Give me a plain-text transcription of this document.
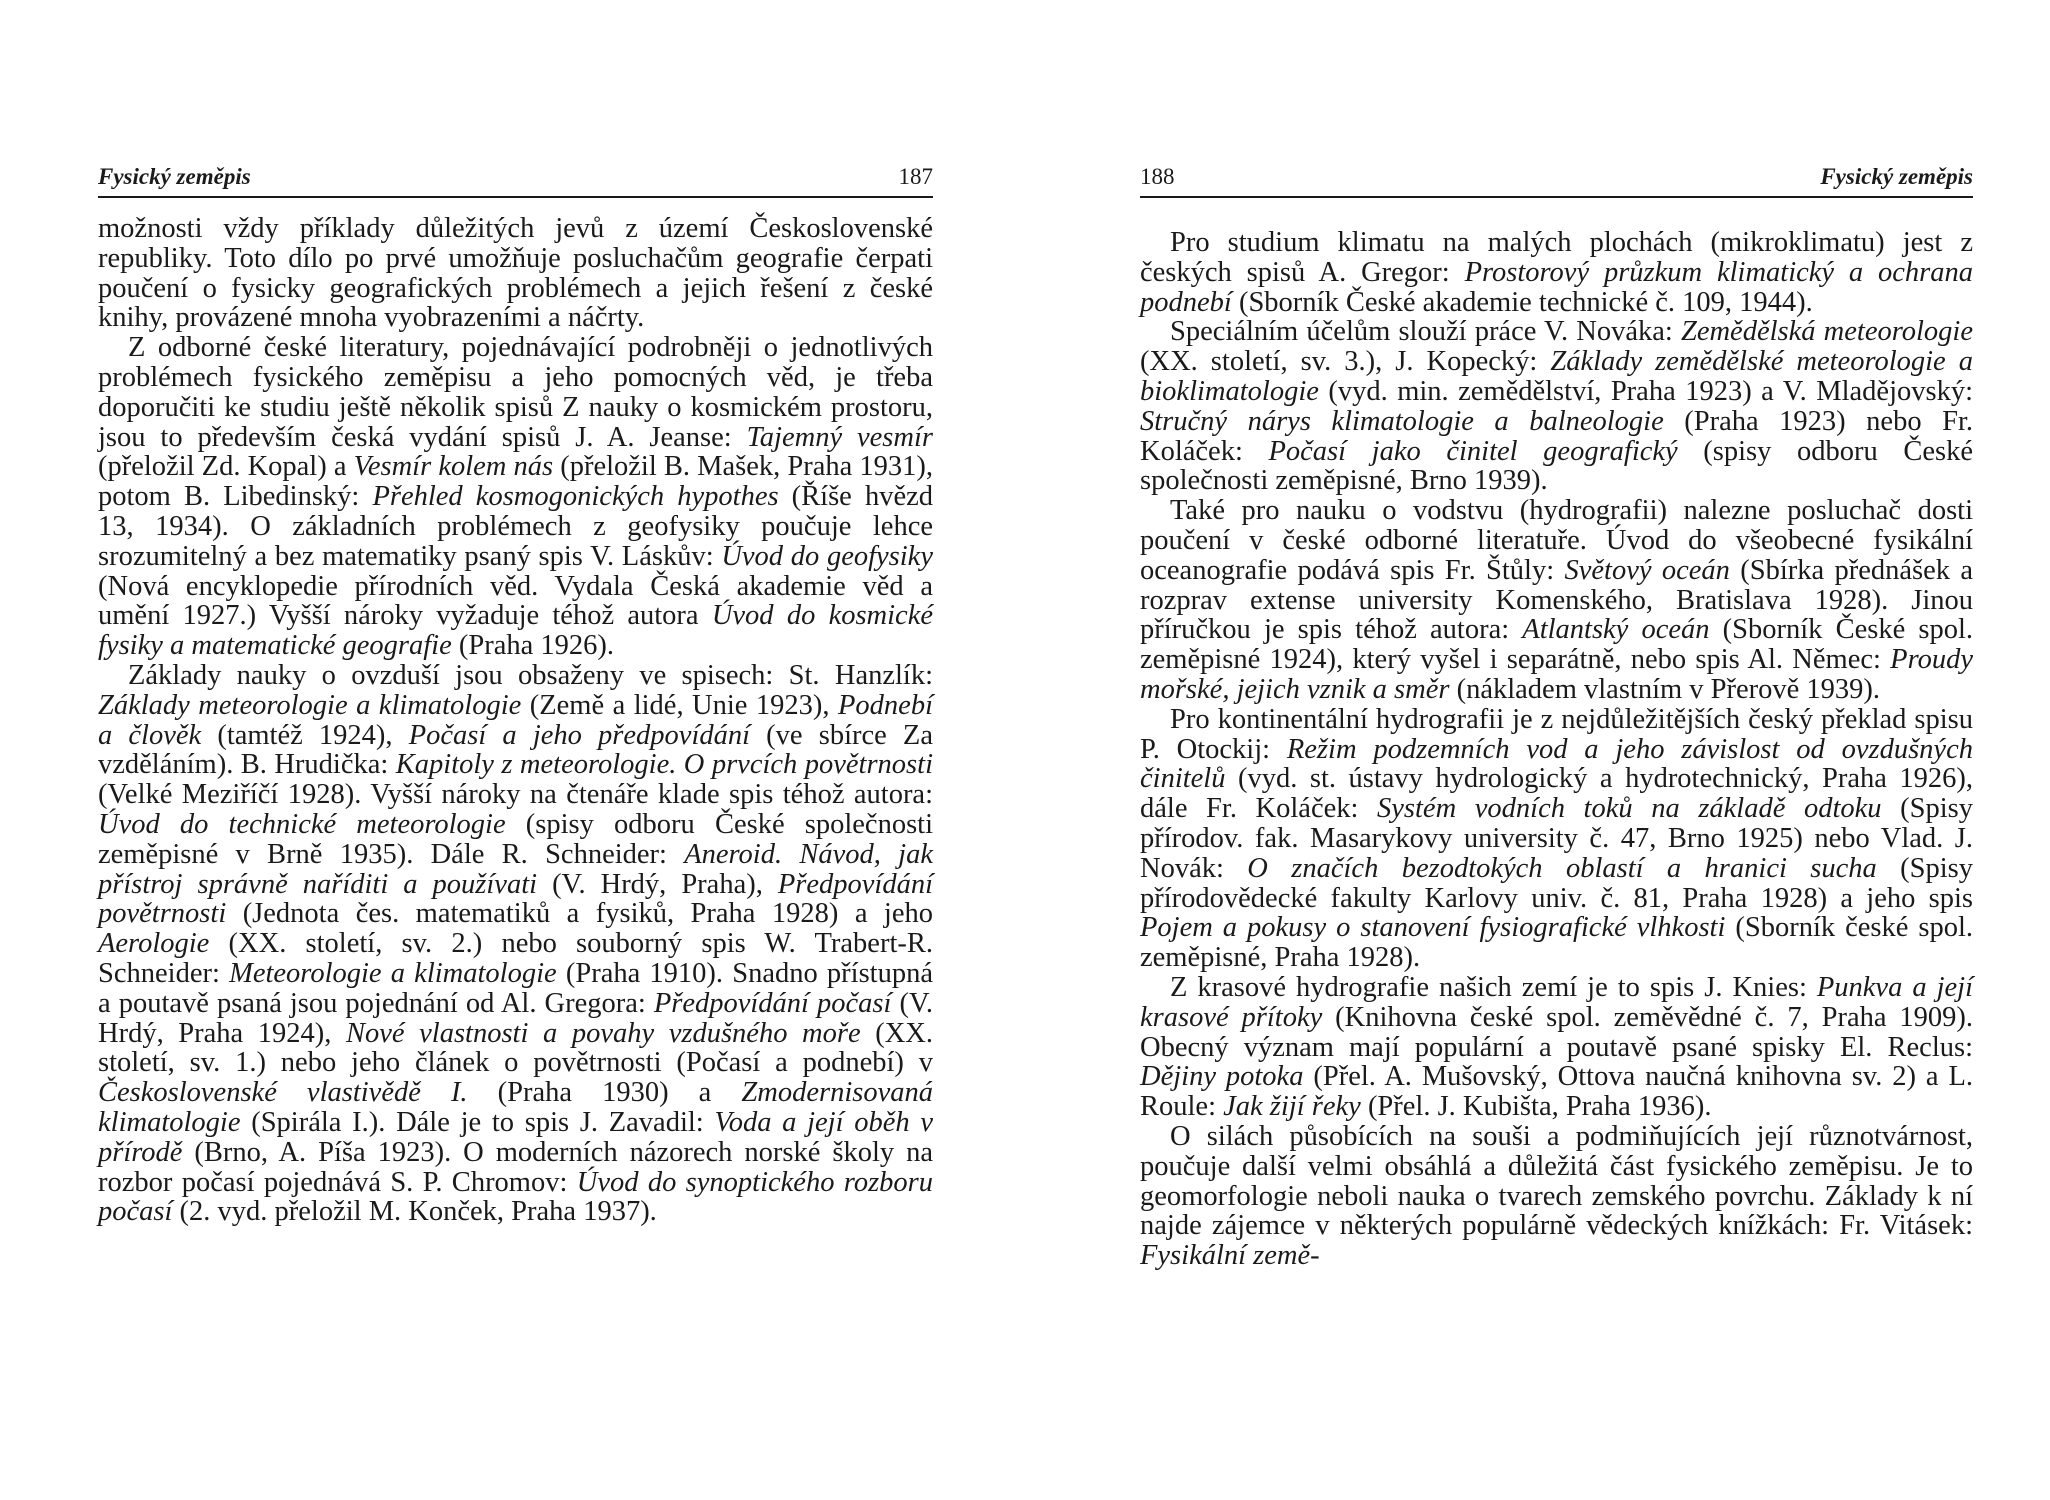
Fysický zeměpis	187

možnosti vždy příklady důležitých jevů z území Československé republiky. Toto dílo po prvé umožňuje posluchačům geografie čerpati poučení o fysicky geografických problémech a jejich řešení z české knihy, provázené mnoha vyobrazeními a náčrty.

Z odborné české literatury, pojednávající podrobněji o jednotlivých problémech fysického zeměpisu a jeho pomocných věd, je třeba doporučiti ke studiu ještě několik spisů Z nauky o kosmickém prostoru, jsou to především česká vydání spisů J. A. Jeanse: Tajemný vesmír (přeložil Zd. Kopal) a Vesmír kolem nás (přeložil B. Mašek, Praha 1931), potom B. Libedinský: Přehled kosmogonických hypothes (Říše hvězd 13, 1934). O základních problémech z geofysiky poučuje lehce srozumitelný a bez matematiky psaný spis V. Láskův: Úvod do geofysiky (Nová encyklopedie přírodních věd. Vydala Česká akademie věd a umění 1927.) Vyšší nároky vyžaduje téhož autora Úvod do kosmické fysiky a matematické geografie (Praha 1926).

Základy nauky o ovzduší jsou obsaženy ve spisech: St. Hanzlík: Základy meteorologie a klimatologie (Země a lidé, Unie 1923), Podnebí a člověk (tamtéž 1924), Počasí a jeho předpovídání (ve sbírce Za vzděláním). B. Hrudička: Kapitoly z meteorologie. O prvcích povětrnosti (Velké Meziříčí 1928). Vyšší nároky na čtenáře klade spis téhož autora: Úvod do technické meteorologie (spisy odboru České společnosti zeměpisné v Brně 1935). Dále R. Schneider: Aneroid. Návod, jak přístroj správně naříditi a používati (V. Hrdý, Praha), Předpovídání povětrnosti (Jednota čes. matematiků a fysiků, Praha 1928) a jeho Aerologie (XX. století, sv. 2.) nebo souborný spis W. Trabert-R. Schneider: Meteorologie a klimatologie (Praha 1910). Snadno přístupná a poutavě psaná jsou pojednání od Al. Gregora: Předpovídání počasí (V. Hrdý, Praha 1924), Nové vlastnosti a povahy vzdušného moře (XX. století, sv. 1.) nebo jeho článek o povětrnosti (Počasí a podnebí) v Československé vlastivědě I. (Praha 1930) a Zmodernisovaná klimatologie (Spirála I.). Dále je to spis J. Zavadil: Voda a její oběh v přírodě (Brno, A. Píša 1923). O moderních názorech norské školy na rozbor počasí pojednává S. P. Chromov: Úvod do synoptického rozboru počasí (2. vyd. přeložil M. Konček, Praha 1937).

188	Fysický zeměpis

Pro studium klimatu na malých plochách (mikroklimatu) jest z českých spisů A. Gregor: Prostorový průzkum klimatický a ochrana podnebí (Sborník České akademie technické č. 109, 1944).

Speciálním účelům slouží práce V. Nováka: Zemědělská meteorologie (XX. století, sv. 3.), J. Kopecký: Základy zemědělské meteorologie a bioklimatologie (vyd. min. zemědělství, Praha 1923) a V. Mladějovský: Stručný nárys klimatologie a balneologie (Praha 1923) nebo Fr. Koláček: Počasí jako činitel geografický (spisy odboru České společnosti zeměpisné, Brno 1939).

Také pro nauku o vodstvu (hydrografii) nalezne posluchač dosti poučení v české odborné literatuře. Úvod do všeobecné fysikální oceanografie podává spis Fr. Štůly: Světový oceán (Sbírka přednášek a rozprav extense university Komenského, Bratislava 1928). Jinou příručkou je spis téhož autora: Atlantský oceán (Sborník České spol. zeměpisné 1924), který vyšel i separátně, nebo spis Al. Němec: Proudy mořské, jejich vznik a směr (nákladem vlastním v Přerově 1939).

Pro kontinentální hydrografii je z nejdůležitějších český překlad spisu P. Otockij: Režim podzemních vod a jeho závislost od ovzdušných činitelů (vyd. st. ústavy hydrologický a hydrotechnický, Praha 1926), dále Fr. Koláček: Systém vodních toků na základě odtoku (Spisy přírodov. fak. Masarykovy university č. 47, Brno 1925) nebo Vlad. J. Novák: O značích bezodtokých oblastí a hranici sucha (Spisy přírodovědecké fakulty Karlovy univ. č. 81, Praha 1928) a jeho spis Pojem a pokusy o stanovení fysiografické vlhkosti (Sborník české spol. zeměpisné, Praha 1928).

Z krasové hydrografie našich zemí je to spis J. Knies: Punkva a její krasové přítoky (Knihovna české spol. zeměvědné č. 7, Praha 1909). Obecný význam mají populární a poutavě psané spisky El. Reclus: Dějiny potoka (Přel. A. Mušovský, Ottova naučná knihovna sv. 2) a L. Roule: Jak žijí řeky (Přel. J. Kubišta, Praha 1936).

O silách působících na souši a podmiňujících její různotvárnost, poučuje další velmi obsáhlá a důležitá část fysického zeměpisu. Je to geomorfologie neboli nauka o tvarech zemského povrchu. Základy k ní najde zájemce v některých populárně vědeckých knížkách: Fr. Vitásek: Fysikální země-
